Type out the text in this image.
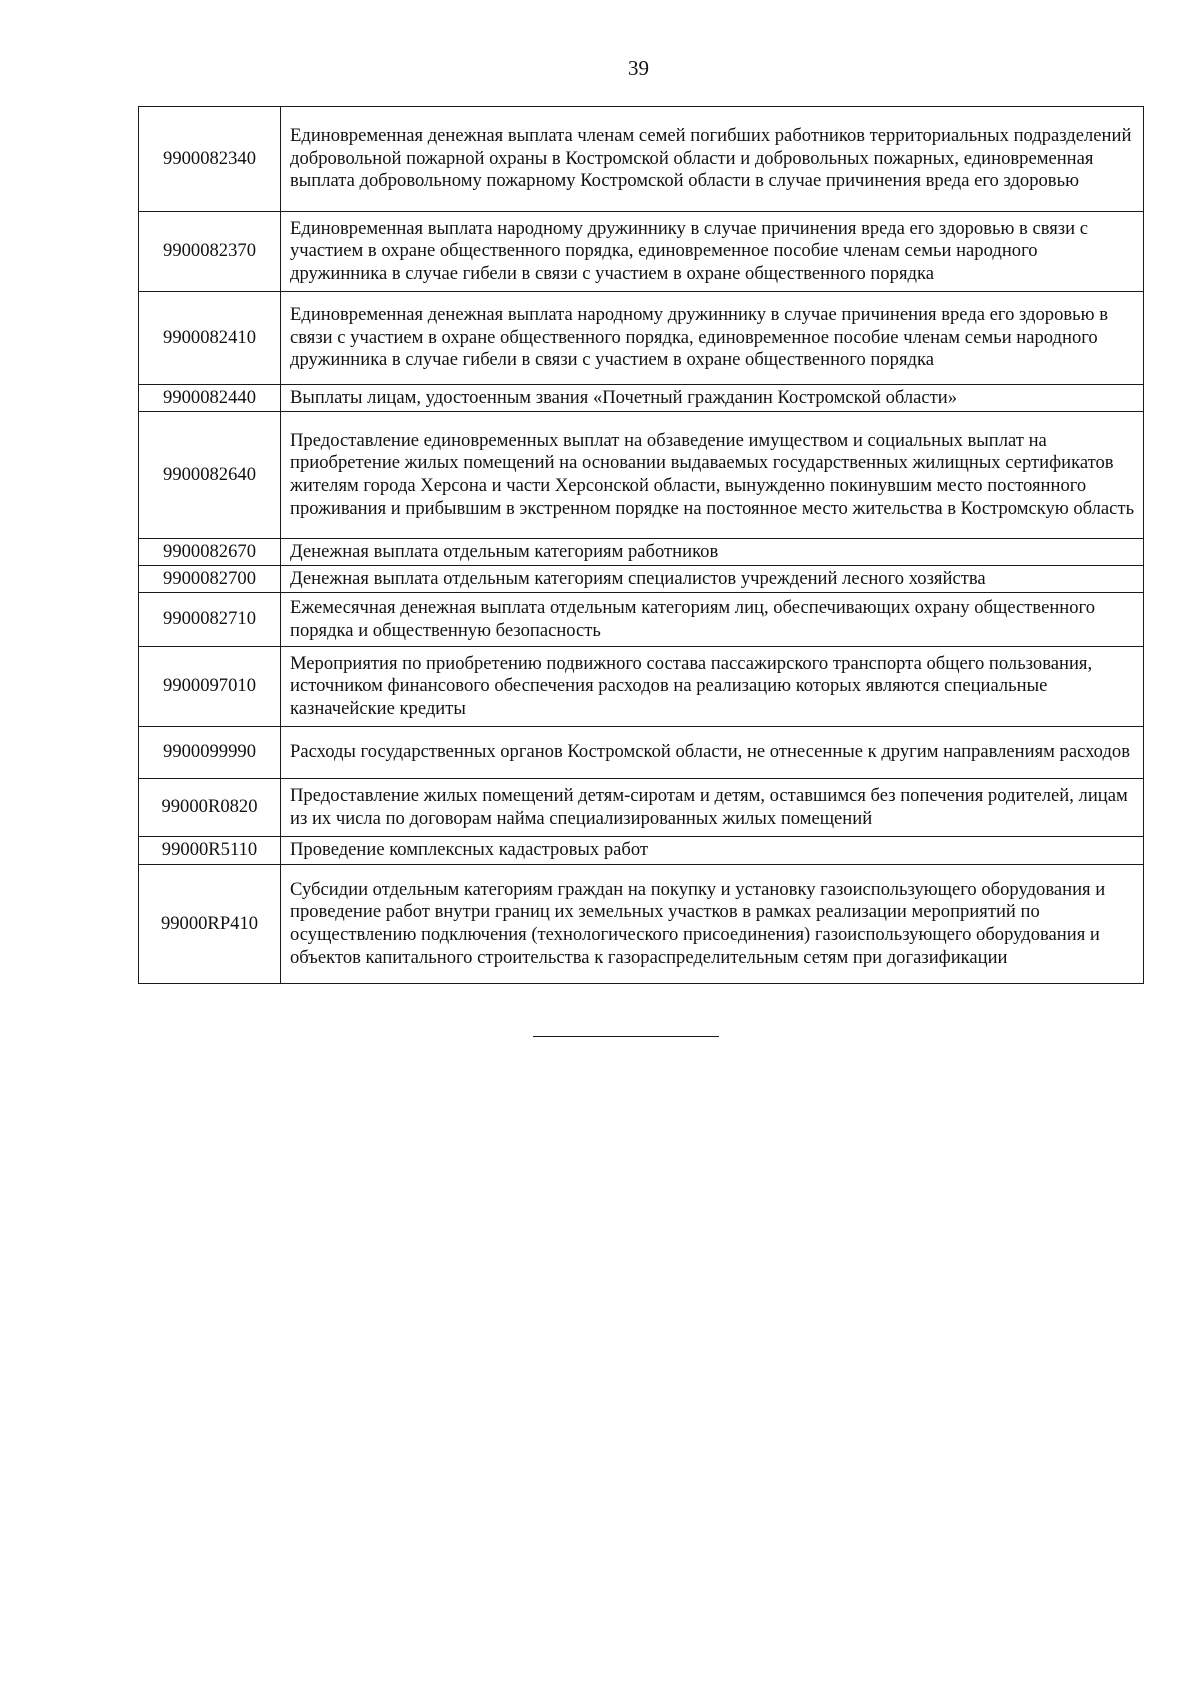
39
9900082340	Единовременная денежная выплата членам семей погибших работников территориальных подразделений добровольной пожарной охраны в Костромской области и добровольных пожарных, единовременная выплата добровольному пожарному Костромской области в случае причинения вреда его здоровью
9900082370	Единовременная выплата народному дружиннику в случае причинения вреда его здоровью в связи с участием в охране общественного порядка, единовременное пособие членам семьи народного дружинника в случае гибели в связи с участием в охране общественного порядка
9900082410	Единовременная денежная выплата народному дружиннику в случае причинения вреда его здоровью в связи с участием в охране общественного порядка, единовременное пособие членам семьи народного дружинника в случае гибели в связи с участием в охране общественного порядка
9900082440	Выплаты лицам, удостоенным звания «Почетный гражданин Костромской области»
9900082640	Предоставление единовременных выплат на обзаведение имуществом и социальных выплат на приобретение жилых помещений на основании выдаваемых государственных жилищных сертификатов жителям города Херсона и части Херсонской области, вынужденно покинувшим место постоянного проживания и прибывшим в экстренном порядке на постоянное место жительства в Костромскую область
9900082670	Денежная выплата отдельным категориям работников
9900082700	Денежная выплата отдельным категориям специалистов учреждений лесного хозяйства
9900082710	Ежемесячная денежная выплата отдельным категориям лиц, обеспечивающих охрану общественного порядка и общественную безопасность
9900097010	Мероприятия по приобретению подвижного состава пассажирского транспорта общего пользования, источником финансового обеспечения расходов на реализацию которых являются специальные казначейские кредиты
9900099990	Расходы государственных органов Костромской области, не отнесенные к другим направлениям расходов
99000R0820	Предоставление жилых помещений детям-сиротам и детям, оставшимся без попечения родителей, лицам из их числа по договорам найма специализированных жилых помещений
99000R5110	Проведение комплексных кадастровых работ
99000RP410	Субсидии отдельным категориям граждан на покупку и установку газоиспользующего оборудования и проведение работ внутри границ их земельных участков в рамках реализации мероприятий по осуществлению подключения (технологического присоединения) газоиспользующего оборудования и объектов капитального строительства к газораспределительным сетям при догазификации
